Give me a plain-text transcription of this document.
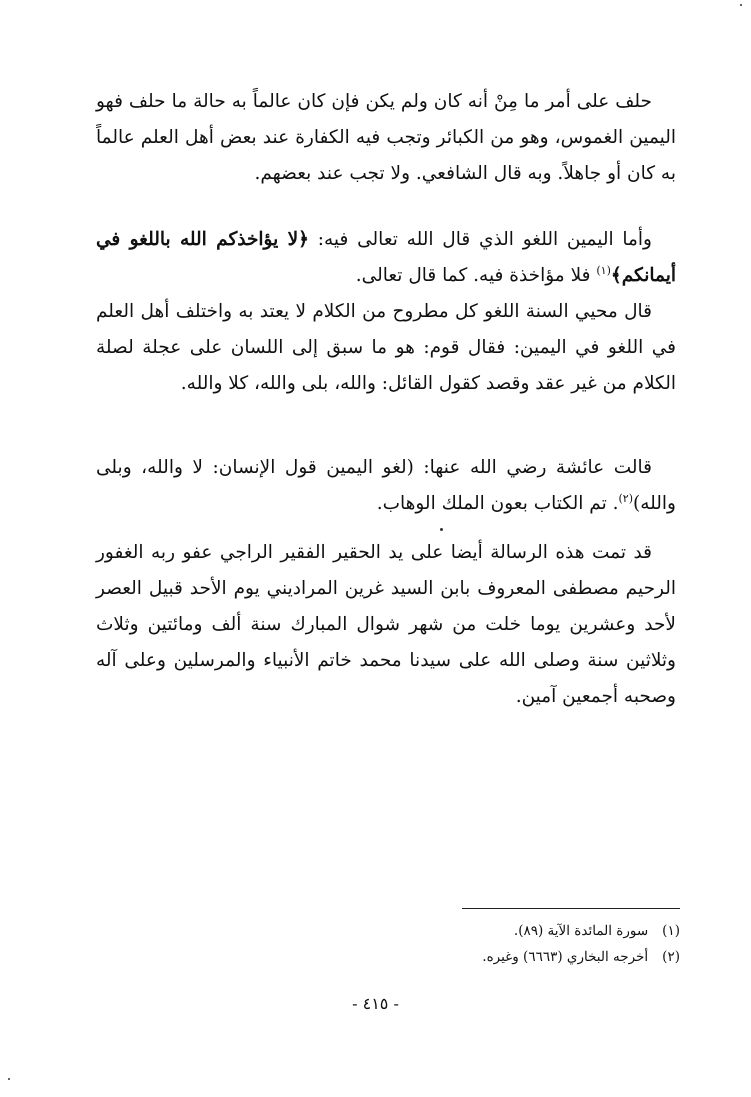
حلف على أمر ما مِنْ أنه كان ولم يكن فإن كان عالماً به حالة ما حلف فهو اليمين الغموس، وهو من الكبائر وتجب فيه الكفارة عند بعض أهل العلم عالماً به كان أو جاهلاً. وبه قال الشافعي. ولا تجب عند بعضهم.

وأما اليمين اللغو الذي قال الله تعالى فيه: ﴿لا يؤاخذكم الله باللغو في أيمانكم﴾$^{(١)}$ فلا مؤاخذة فيه. كما قال تعالى.

قال محيي السنة اللغو كل مطروح من الكلام لا يعتد به واختلف أهل العلم في اللغو في اليمين: فقال قوم: هو ما سبق إلى اللسان على عجلة لصلة الكلام من غير عقد وقصد كقول القائل: والله، بلى والله، كلا والله.

قالت عائشة رضي الله عنها: (لغو اليمين قول الإنسان: لا والله، وبلى والله)$^{(٢)}$. تم الكتاب بعون الملك الوهاب.

قد تمت هذه الرسالة أيضا على يد الحقير الفقير الراجي عفو ربه الغفور الرحيم مصطفى المعروف بابن السيد غرين المراديني يوم الأحد قبيل العصر لأحد وعشرين يوما خلت من شهر شوال المبارك سنة ألف ومائتين وثلاث وثلاثين سنة وصلى الله على سيدنا محمد خاتم الأنبياء والمرسلين وعلى آله وصحبه أجمعين آمين.

(١)سورة المائدة الآية (٨٩).
(٢)أخرجه البخاري (٦٦٦٣) وغيره.
- ٤١٥ -
